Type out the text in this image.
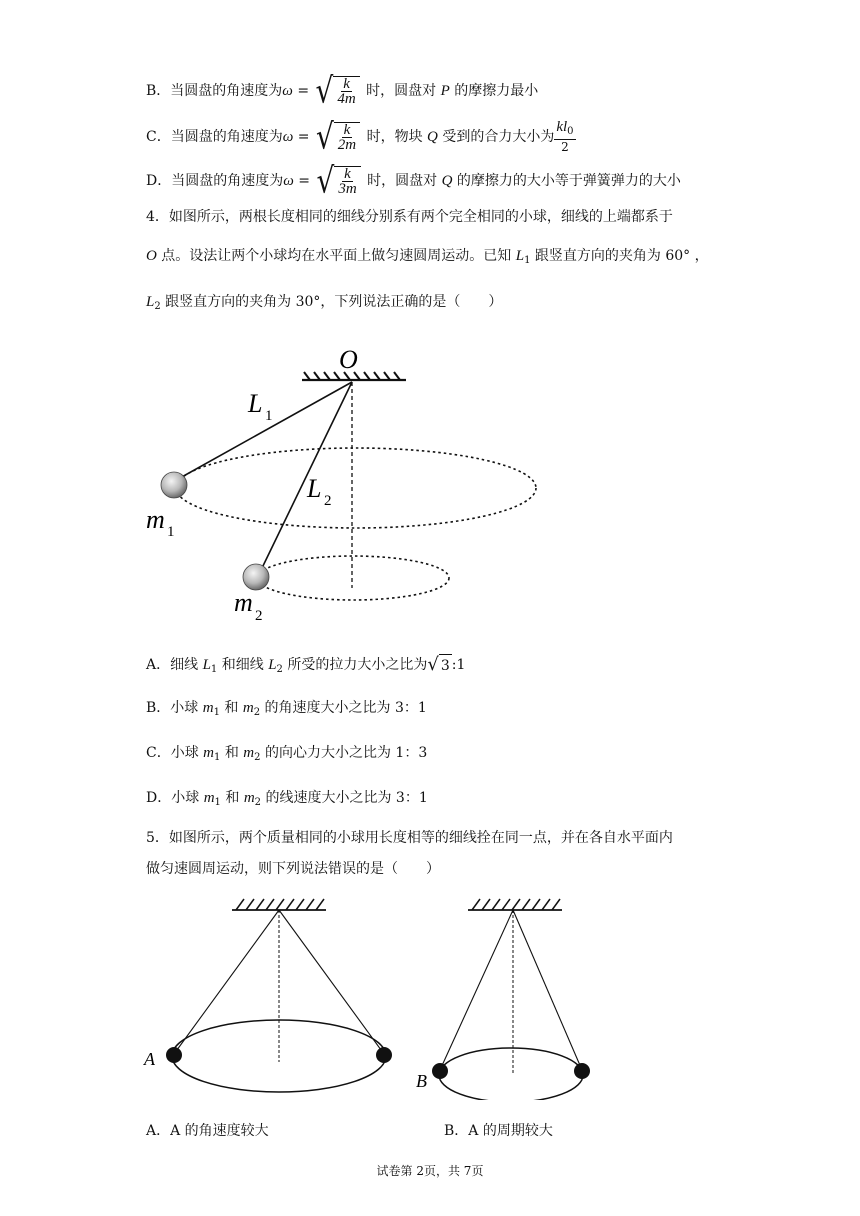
B．当圆盘的角速度为ω = √ $\frac{k}{4m}$ 时，圆盘对 P 的摩擦力最小
C．当圆盘的角速度为ω = √ $\frac{k}{2m}$ 时，物块 Q 受到的合力大小为 $\frac{kl_0}{2}$
D．当圆盘的角速度为ω = √ $\frac{k}{3m}$ 时，圆盘对 Q 的摩擦力的大小等于弹簧弹力的大小
4．如图所示，两根长度相同的细线分别系有两个完全相同的小球，细线的上端都系于
O 点。设法让两个小球均在水平面上做匀速圆周运动。已知 $L_1$ 跟竖直方向的夹角为 60° ，
$L_2$ 跟竖直方向的夹角为 30°，下列说法正确的是（　　）
O
L 1
L 2
m 1
m 2
A．细线 $L_1$ 和细线 $L_2$ 所受的拉力大小之比为 √ 3 :1
B．小球 $m_1$ 和 $m_2$ 的角速度大小之比为 3：1
C．小球 $m_1$ 和 $m_2$ 的向心力大小之比为 1：3
D．小球 $m_1$ 和 $m_2$ 的线速度大小之比为 3：1
5．如图所示，两个质量相同的小球用长度相等的细线拴在同一点，并在各自水平面内
做匀速圆周运动，则下列说法错误的是（　　）
A
B
A．A 的角速度较大	B．A 的周期较大
试卷第 2页，共 7页
